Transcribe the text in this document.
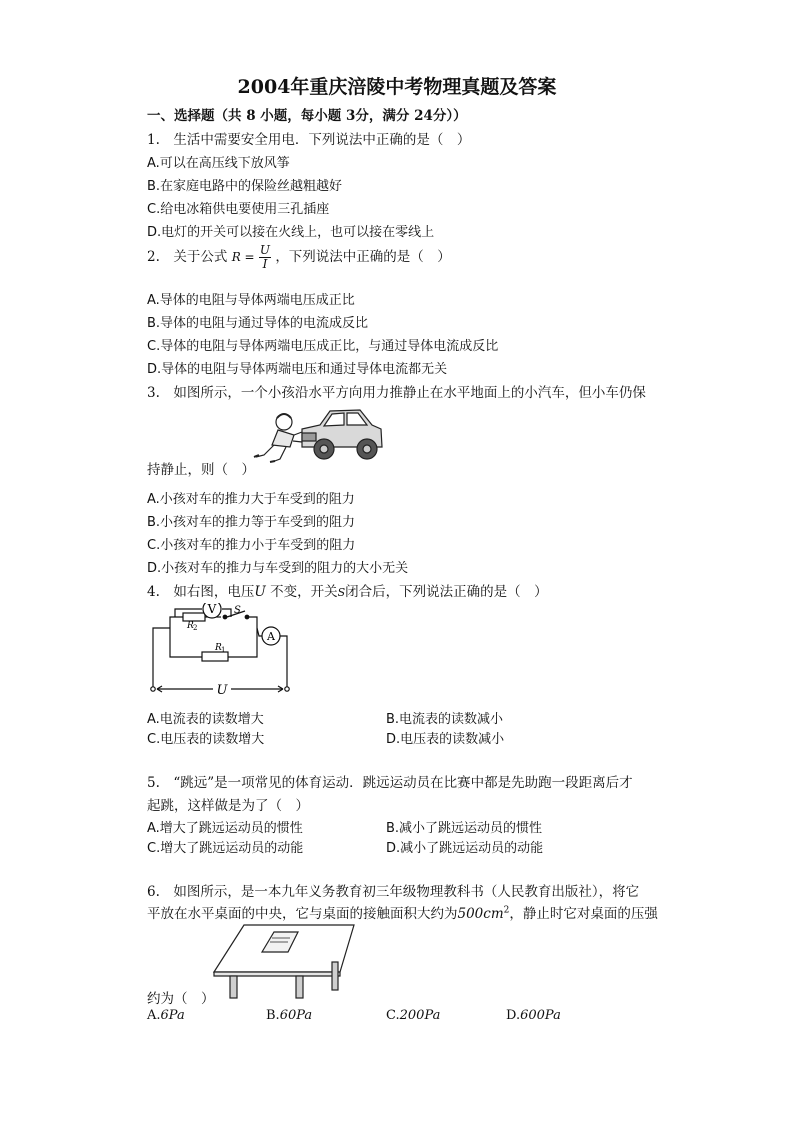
2004年重庆涪陵中考物理真题及答案
一、选择题（共 8 小题，每小题 3分，满分 24分））
1.　生活中需要安全用电．下列说法中正确的是（　）
A.可以在高压线下放风筝
B.在家庭电路中的保险丝越粗越好
C.给电冰箱供电要使用三孔插座
D.电灯的开关可以接在火线上，也可以接在零线上
2.　关于公式 $R = \frac{U}{I}$ ，下列说法中正确的是（　）
A.导体的电阻与导体两端电压成正比
B.导体的电阻与通过导体的电流成反比
C.导体的电阻与导体两端电压成正比，与通过导体电流成反比
D.导体的电阻与导体两端电压和通过导体电流都无关
3.　如图所示，一个小孩沿水平方向用力推静止在水平地面上的小汽车，但小车仍保
持静止，则（　）
A.小孩对车的推力大于车受到的阻力
B.小孩对车的推力等于车受到的阻力
C.小孩对车的推力小于车受到的阻力
D.小孩对车的推力与车受到的阻力的大小无关
4.　如右图，电压U 不变，开关S闭合后，下列说法正确的是（　）
V
A
R 2
R 1
S
U
A.电流表的读数增大	B.电流表的读数减小
C.电压表的读数增大	D.电压表的读数减小
5.　“跳远”是一项常见的体育运动．跳远运动员在比赛中都是先助跑一段距离后才
起跳，这样做是为了（　）
A.增大了跳远运动员的惯性	B.减小了跳远运动员的惯性
C.增大了跳远运动员的动能	D.减小了跳远运动员的动能
6.　如图所示，是一本九年义务教育初三年级物理教科书（人民教育出版社），将它
平放在水平桌面的中央，它与桌面的接触面积大约为$500cm^2$，静止时它对桌面的压强
约为（　）
A.6Pa	B.60Pa	C.200Pa	D.600Pa
